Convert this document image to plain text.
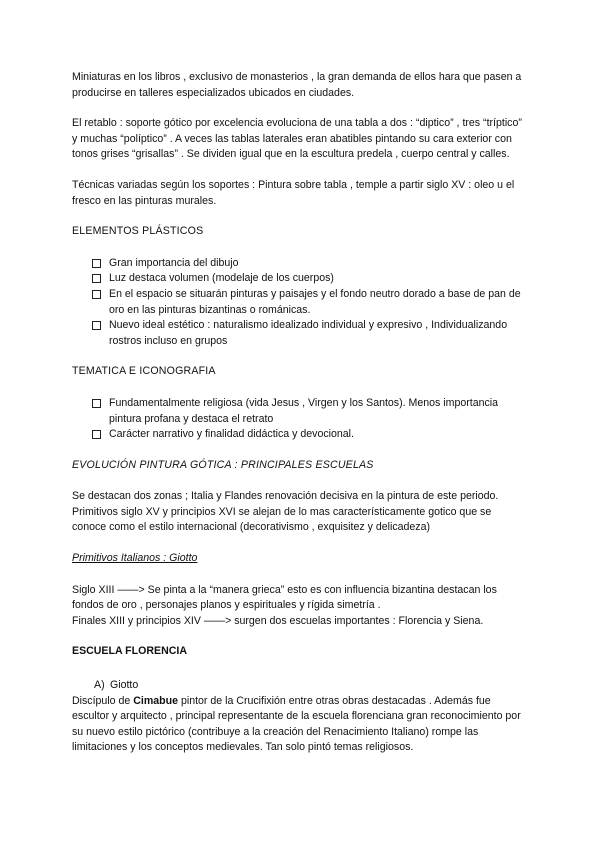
Miniaturas en los libros , exclusivo de monasterios , la gran demanda de ellos hara que pasen a producirse en talleres especializados ubicados en ciudades.

El retablo : soporte gótico por excelencia evoluciona de una tabla a dos : “diptico” , tres “tríptico” y muchas “políptico” . A veces las tablas laterales eran abatibles pintando su cara exterior con tonos grises “grisallas” . Se dividen igual que en la escultura predela , cuerpo central y calles.

Técnicas variadas según los soportes : Pintura sobre tabla , temple a partir siglo XV : oleo u el fresco en las pinturas murales.

ELEMENTOS PLÁSTICOS

Gran importancia del dibujo
Luz destaca volumen (modelaje de los cuerpos)
En el espacio se situarán pinturas y paisajes y el fondo neutro dorado a base de pan de oro en las pinturas bizantinas o románicas.
Nuevo ideal estético : naturalismo idealizado individual y expresivo , Individualizando rostros incluso en grupos

TEMATICA E ICONOGRAFIA

Fundamentalmente religiosa (vida Jesus , Virgen y los Santos). Menos importancia pintura profana y destaca el retrato
Carácter narrativo y finalidad didáctica y devocional.

EVOLUCIÓN PINTURA GÓTICA : PRINCIPALES ESCUELAS

Se destacan dos zonas ; Italia y Flandes renovación decisiva en la pintura de este periodo. Primitivos siglo XV y principios XVI se alejan de lo mas característicamente gotico que se conoce como el estilo internacional (decorativismo , exquisitez y delicadeza)

Primitivos Italianos : Giotto

Siglo XIII ——> Se pinta a la “manera grieca” esto es con influencia bizantina destacan los fondos de oro , personajes planos y espirituales y rígida simetría .

Finales XIII y principios XIV ——> surgen dos escuelas importantes : Florencia y Siena.

ESCUELA FLORENCIA

A) Giotto

Discípulo de Cimabue pintor de la Crucifixión entre otras obras destacadas . Además fue escultor y arquitecto , principal representante de la escuela florenciana gran reconocimiento por su nuevo estilo pictórico (contribuye a la creación del Renacimiento Italiano) rompe las limitaciones y los conceptos medievales. Tan solo pintó temas religiosos.
